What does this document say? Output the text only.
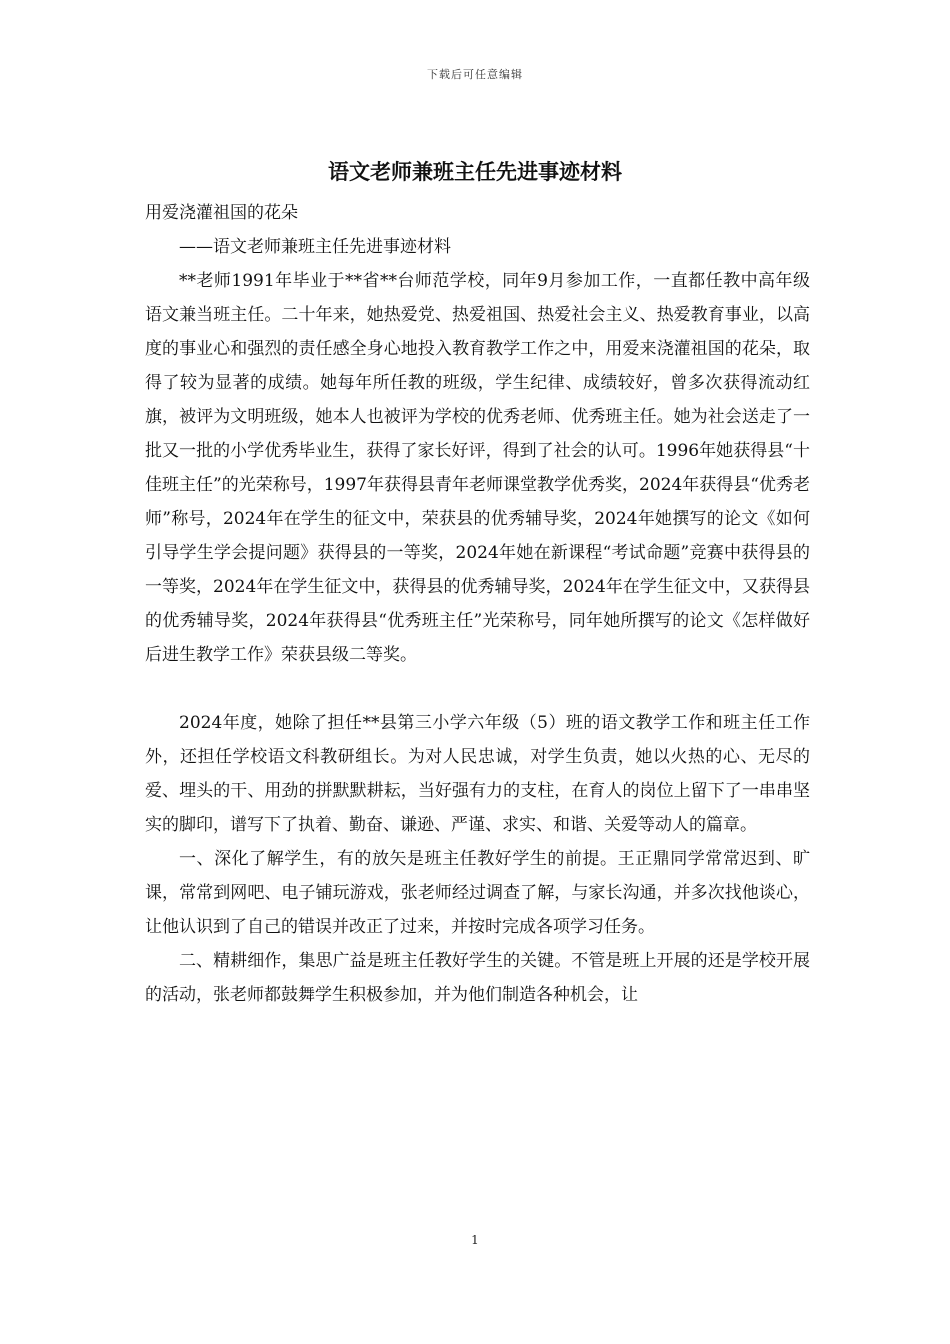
下载后可任意编辑
语文老师兼班主任先进事迹材料

用爱浇灌祖国的花朵

——语文老师兼班主任先进事迹材料

**老师1991年毕业于**省**台师范学校，同年9月参加工作，一直都任教中高年级语文兼当班主任。二十年来，她热爱党、热爱祖国、热爱社会主义、热爱教育事业，以高度的事业心和强烈的责任感全身心地投入教育教学工作之中，用爱来浇灌祖国的花朵，取得了较为显著的成绩。她每年所任教的班级，学生纪律、成绩较好，曾多次获得流动红旗，被评为文明班级，她本人也被评为学校的优秀老师、优秀班主任。她为社会送走了一批又一批的小学优秀毕业生，获得了家长好评，得到了社会的认可。1996年她获得县“十佳班主任”的光荣称号，1997年获得县青年老师课堂教学优秀奖，2024年获得县“优秀老师”称号，2024年在学生的征文中，荣获县的优秀辅导奖，2024年她撰写的论文《如何引导学生学会提问题》获得县的一等奖，2024年她在新课程“考试命题”竞赛中获得县的一等奖，2024年在学生征文中，获得县的优秀辅导奖，2024年在学生征文中，又获得县的优秀辅导奖，2024年获得县“优秀班主任”光荣称号，同年她所撰写的论文《怎样做好后进生教学工作》荣获县级二等奖。

2024年度，她除了担任**县第三小学六年级（5）班的语文教学工作和班主任工作外，还担任学校语文科教研组长。为对人民忠诚，对学生负责，她以火热的心、无尽的爱、埋头的干、用劲的拼默默耕耘，当好强有力的支柱，在育人的岗位上留下了一串串坚实的脚印，谱写下了执着、勤奋、谦逊、严谨、求实、和谐、关爱等动人的篇章。

一、深化了解学生，有的放矢是班主任教好学生的前提。王正鼎同学常常迟到、旷课，常常到网吧、电子铺玩游戏，张老师经过调查了解，与家长沟通，并多次找他谈心，让他认识到了自己的错误并改正了过来，并按时完成各项学习任务。

二、精耕细作，集思广益是班主任教好学生的关键。不管是班上开展的还是学校开展的活动，张老师都鼓舞学生积极参加，并为他们制造各种机会，让

1
